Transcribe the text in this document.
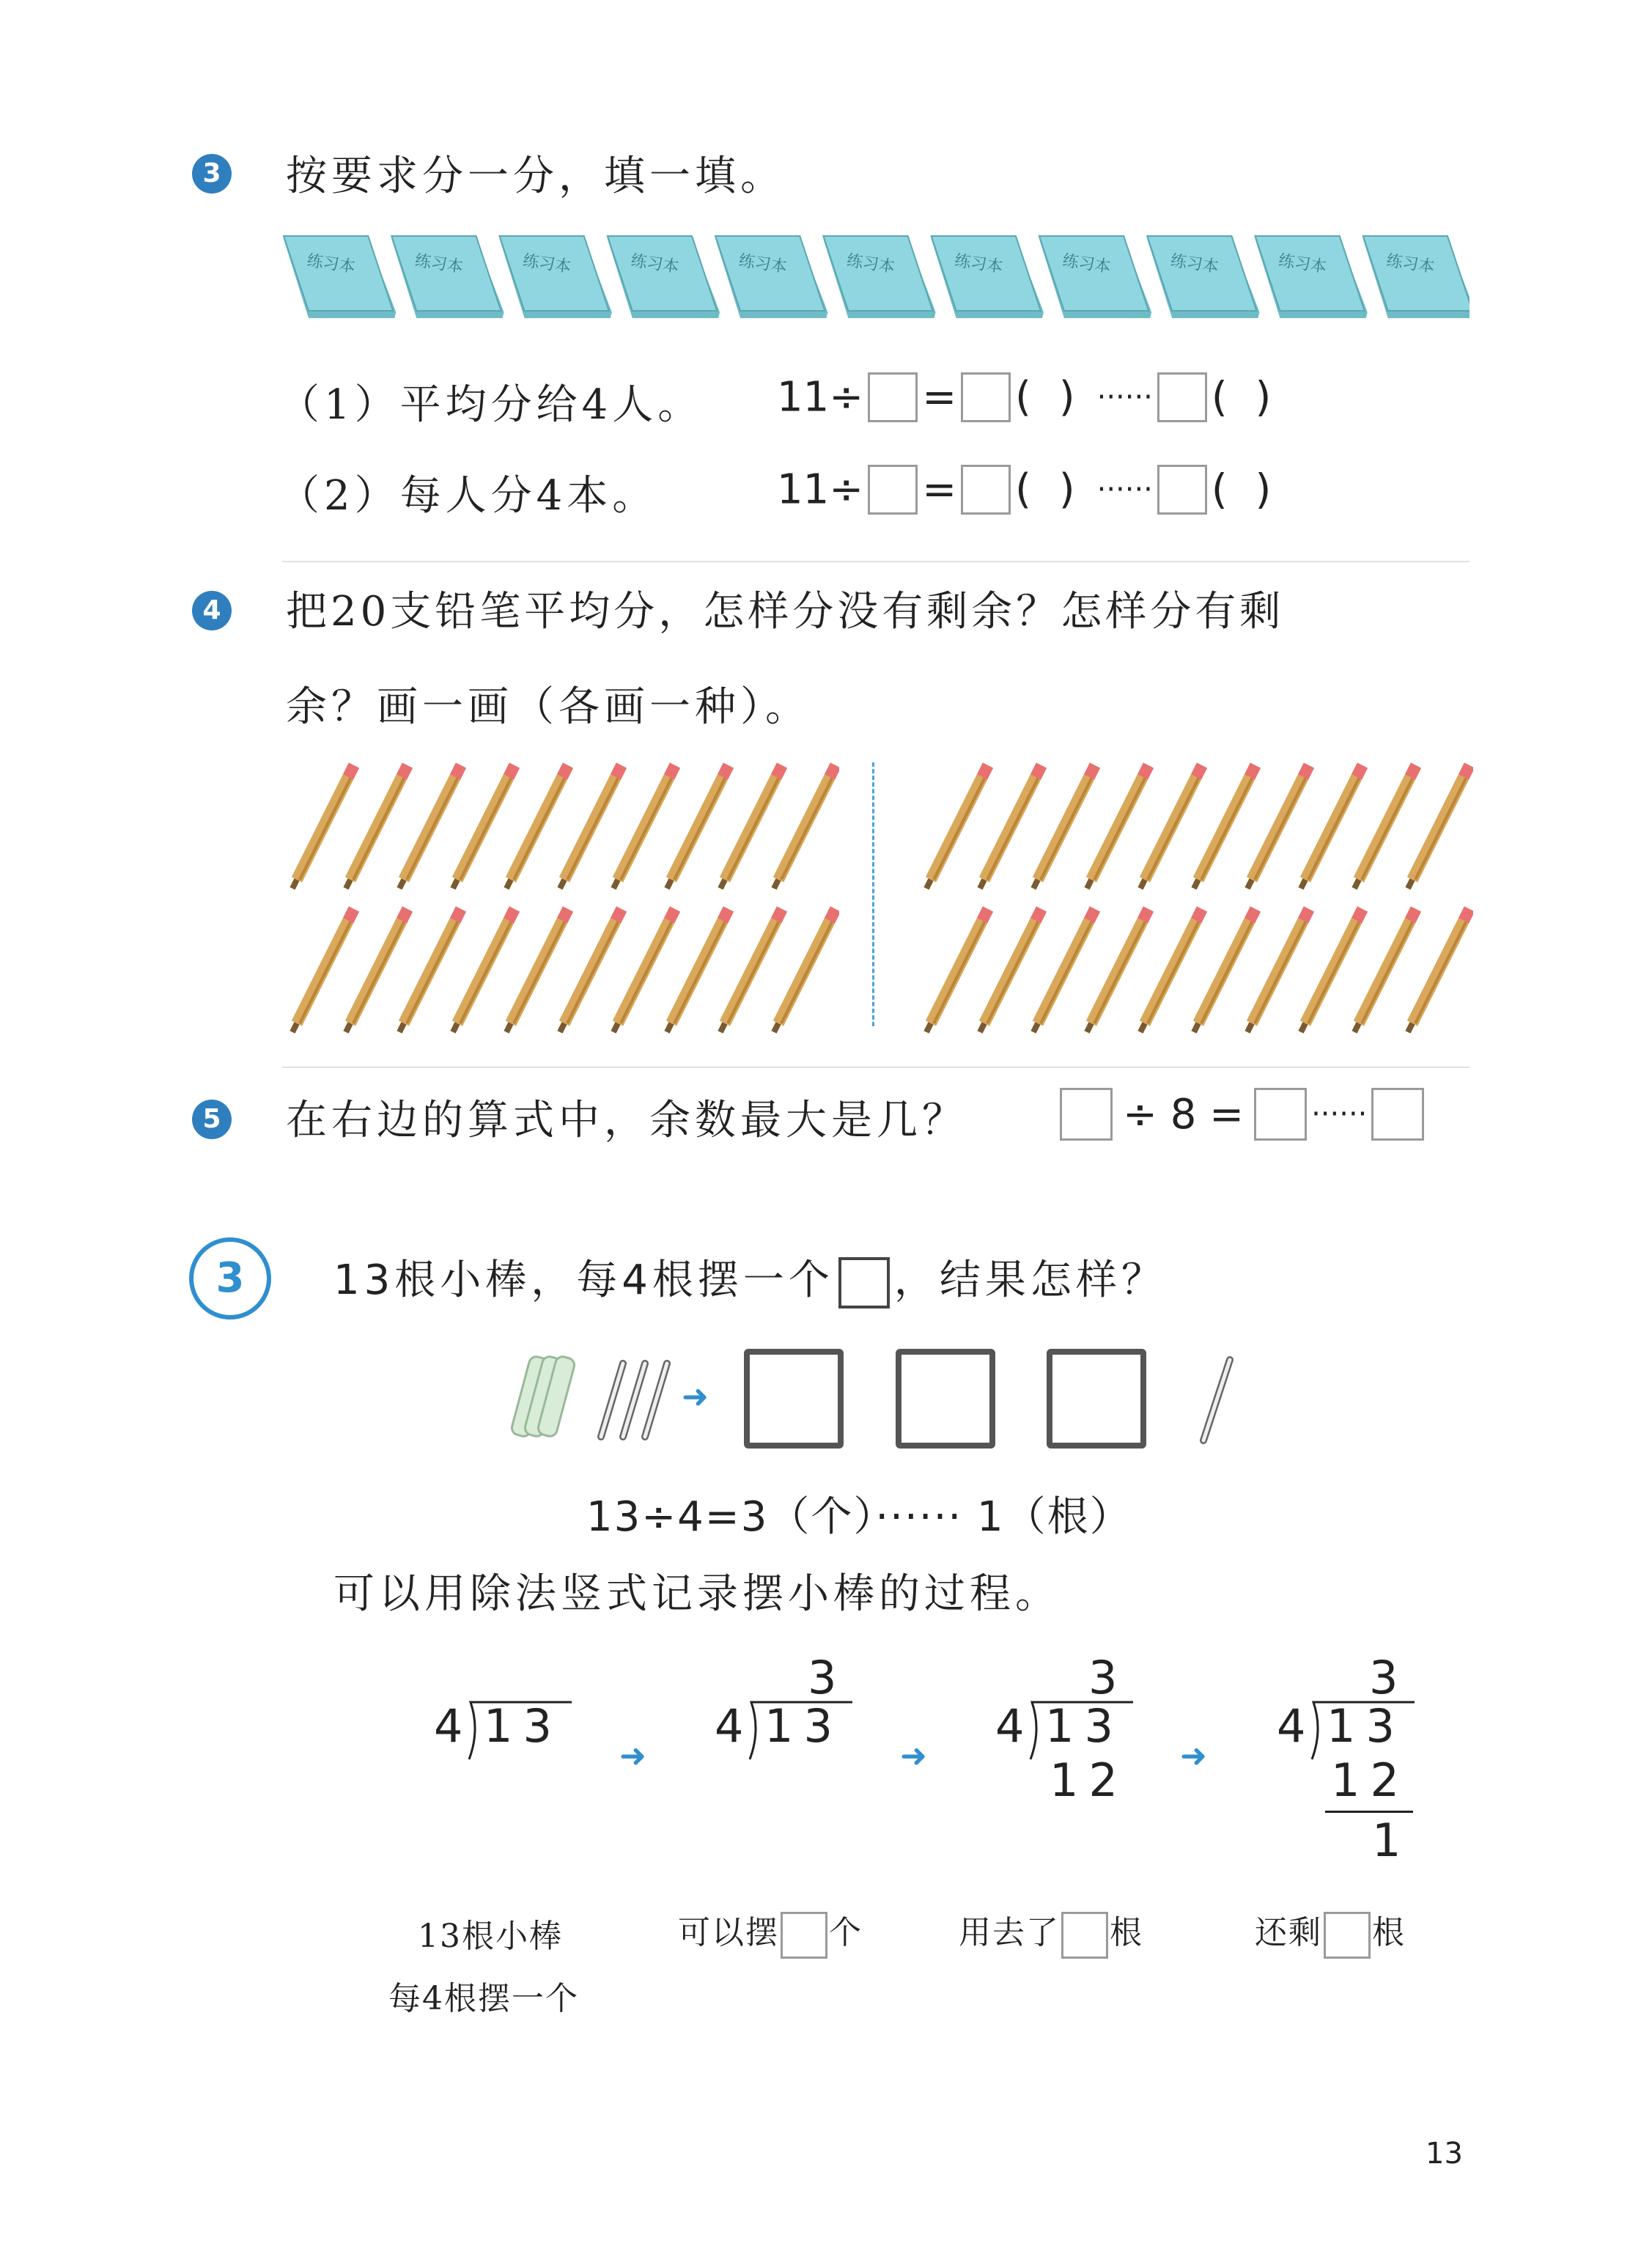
3 按要求分一分，填一填。
练习本	练习本	练习本	练习本	练习本	练习本	练习本	练习本	练习本	练习本	练习本
（1）平均分给4人。 11÷ = ( ) ······ ( )
（2）每人分4本。	11÷ = ( ) ······ ( )
4 把20支铅笔平均分，怎样分没有剩余？怎样分有剩
余？画一画（各画一种）。
5 在右边的算式中，余数最大是几？	÷ 8 = ······
3	13根小棒，每4根摆一个 ，结果怎样？
➜
13÷4=3（个）······ 1（根）
可以用除法竖式记录摆小棒的过程。
4 13
➜
3
4 13
➜
3
4 13
12 ➜
3
4 13
12
1
13根小棒
每4根摆一个
可以摆 个	用去了 根	还剩 根
13
